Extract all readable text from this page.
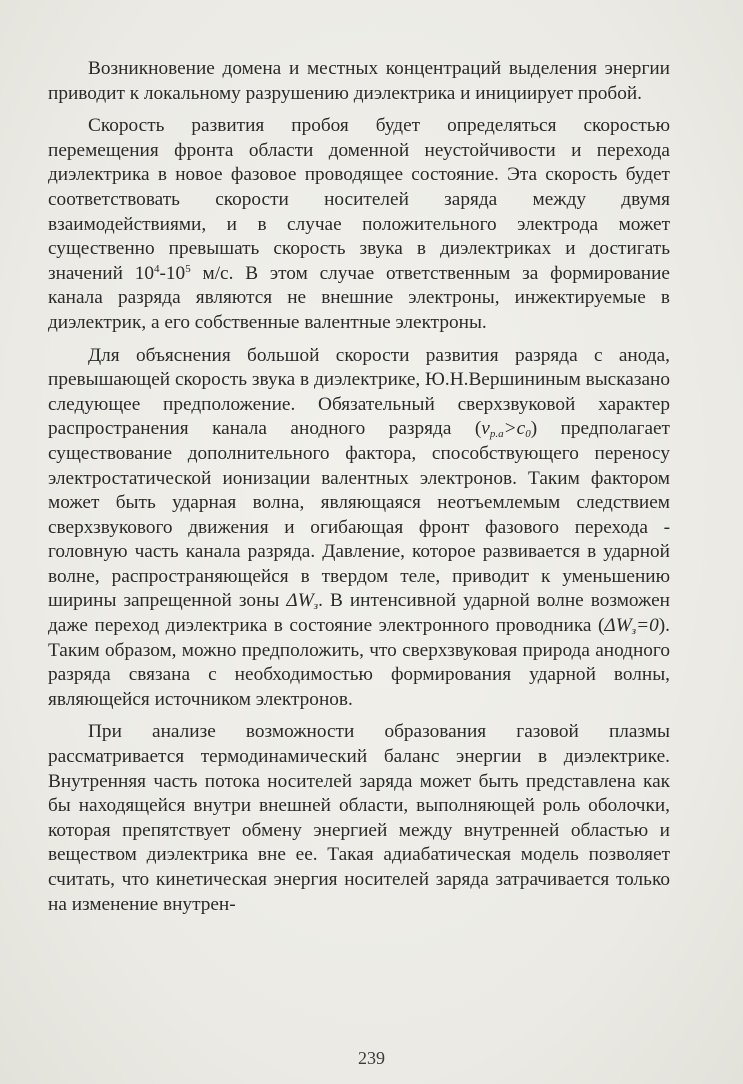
Возникновение домена и местных концентраций выделения энергии приводит к локальному разрушению диэлектрика и инициирует пробой.

Скорость развития пробоя будет определяться скоростью перемещения фронта области доменной неустойчивости и перехода диэлектрика в новое фазовое проводящее состояние. Эта скорость будет соответствовать скорости носителей заряда между двумя взаимодействиями, и в случае положительного электрода может существенно превышать скорость звука в диэлектриках и достигать значений $10^4-10^5$ м/с. В этом случае ответственным за формирование канала разряда являются не внешние электроны, инжектируемые в диэлектрик, а его собственные валентные электроны.

Для объяснения большой скорости развития разряда с анода, превышающей скорость звука в диэлектрике, Ю.Н.Вершининым высказано следующее предположение. Обязательный сверхзвуковой характер распространения канала анодного разряда $(v_{р.а}>c_0)$ предполагает существование дополнительного фактора, способствующего переносу электростатической ионизации валентных электронов. Таким фактором может быть ударная волна, являющаяся неотъемлемым следствием сверхзвукового движения и огибающая фронт фазового перехода - головную часть канала разряда. Давление, которое развивается в ударной волне, распространяющейся в твердом теле, приводит к уменьшению ширины запрещенной зоны $\Delta W_з$. В интенсивной ударной волне возможен даже переход диэлектрика в состояние электронного проводника $(\Delta W_з=0)$. Таким образом, можно предположить, что сверхзвуковая природа анодного разряда связана с необходимостью формирования ударной волны, являющейся источником электронов.

При анализе возможности образования газовой плазмы рассматривается термодинамический баланс энергии в диэлектрике. Внутренняя часть потока носителей заряда может быть представлена как бы находящейся внутри внешней области, выполняющей роль оболочки, которая препятствует обмену энергией между внутренней областью и веществом диэлектрика вне ее. Такая адиабатическая модель позволяет считать, что кинетическая энергия носителей заряда затрачивается только на изменение внутрен-

239
